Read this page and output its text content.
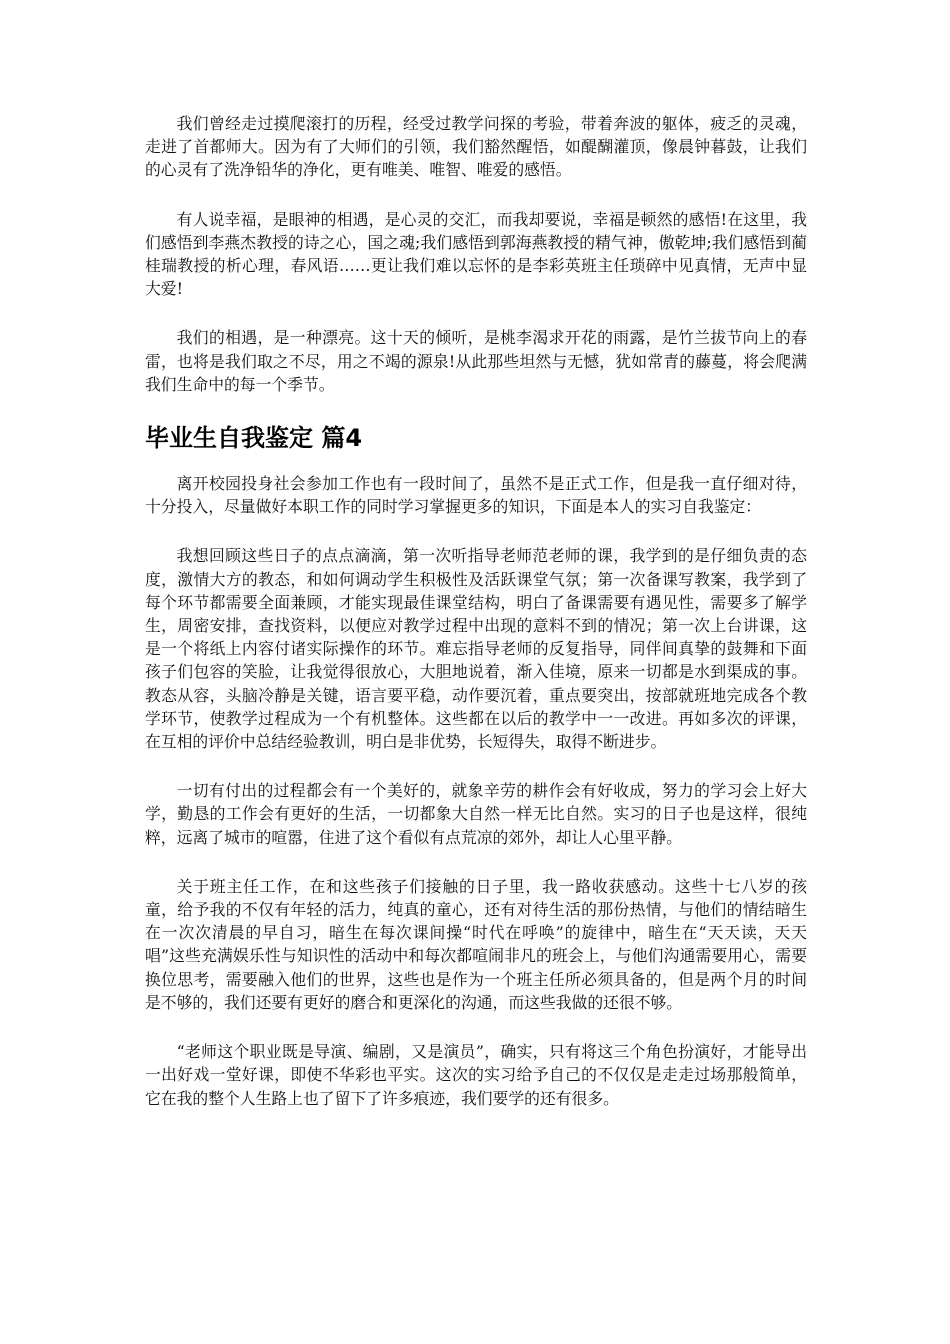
我们曾经走过摸爬滚打的历程，经受过教学问探的考验，带着奔波的躯体，疲乏的灵魂，走进了首都师大。因为有了大师们的引领，我们豁然醒悟，如醍醐灌顶，像晨钟暮鼓，让我们的心灵有了洗净铅华的净化，更有唯美、唯智、唯爱的感悟。

有人说幸福，是眼神的相遇，是心灵的交汇，而我却要说，幸福是顿然的感悟!在这里，我们感悟到李燕杰教授的诗之心，国之魂;我们感悟到郭海燕教授的精气神，傲乾坤;我们感悟到蔺桂瑞教授的析心理，春风语……更让我们难以忘怀的是李彩英班主任琐碎中见真情，无声中显大爱!

我们的相遇，是一种漂亮。这十天的倾听，是桃李渴求开花的雨露，是竹兰拔节向上的春雷，也将是我们取之不尽，用之不竭的源泉!从此那些坦然与无憾，犹如常青的藤蔓，将会爬满我们生命中的每一个季节。

毕业生自我鉴定 篇4

离开校园投身社会参加工作也有一段时间了，虽然不是正式工作，但是我一直仔细对待，十分投入，尽量做好本职工作的同时学习掌握更多的知识，下面是本人的实习自我鉴定：

我想回顾这些日子的点点滴滴，第一次听指导老师范老师的课，我学到的是仔细负责的态度，激情大方的教态，和如何调动学生积极性及活跃课堂气氛；第一次备课写教案，我学到了每个环节都需要全面兼顾，才能实现最佳课堂结构，明白了备课需要有遇见性，需要多了解学生，周密安排，查找资料，以便应对教学过程中出现的意料不到的情况；第一次上台讲课，这是一个将纸上内容付诸实际操作的环节。难忘指导老师的反复指导，同伴间真挚的鼓舞和下面孩子们包容的笑脸，让我觉得很放心，大胆地说着，渐入佳境，原来一切都是水到渠成的事。教态从容，头脑冷静是关键，语言要平稳，动作要沉着，重点要突出，按部就班地完成各个教学环节，使教学过程成为一个有机整体。这些都在以后的教学中一一改进。再如多次的评课，在互相的评价中总结经验教训，明白是非优势，长短得失，取得不断进步。

一切有付出的过程都会有一个美好的，就象辛劳的耕作会有好收成，努力的学习会上好大学，勤恳的工作会有更好的生活，一切都象大自然一样无比自然。实习的日子也是这样，很纯粹，远离了城市的喧嚣，住进了这个看似有点荒凉的郊外，却让人心里平静。

关于班主任工作，在和这些孩子们接触的日子里，我一路收获感动。这些十七八岁的孩童，给予我的不仅有年轻的活力，纯真的童心，还有对待生活的那份热情，与他们的情结暗生在一次次清晨的早自习，暗生在每次课间操“时代在呼唤”的旋律中，暗生在“天天读，天天唱”这些充满娱乐性与知识性的活动中和每次都喧闹非凡的班会上，与他们沟通需要用心，需要换位思考，需要融入他们的世界，这些也是作为一个班主任所必须具备的，但是两个月的时间是不够的，我们还要有更好的磨合和更深化的沟通，而这些我做的还很不够。

“老师这个职业既是导演、编剧，又是演员”，确实，只有将这三个角色扮演好，才能导出一出好戏一堂好课，即使不华彩也平实。这次的实习给予自己的不仅仅是走走过场那般简单，它在我的整个人生路上也了留下了许多痕迹，我们要学的还有很多。
